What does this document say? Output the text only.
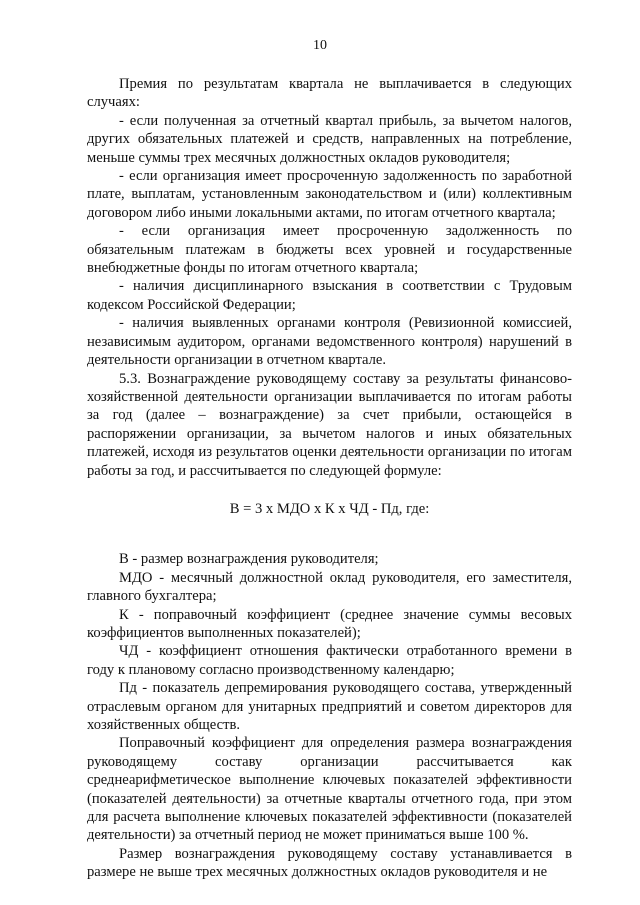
10

Премия по результатам квартала не выплачивается в следующих случаях:

- если полученная за отчетный квартал прибыль, за вычетом налогов, других обязательных платежей и средств, направленных на потребление, меньше суммы трех месячных должностных окладов руководителя;

- если организация имеет просроченную задолженность по заработной плате, выплатам, установленным законодательством и (или) коллективным договором либо иными локальными актами, по итогам отчетного квартала;

- если организация имеет просроченную задолженность по обязательным платежам в бюджеты всех уровней и государственные внебюджетные фонды по итогам отчетного квартала;

- наличия дисциплинарного взыскания в соответствии с Трудовым кодексом Российской Федерации;

- наличия выявленных органами контроля (Ревизионной комиссией, независимым аудитором, органами ведомственного контроля) нарушений в деятельности организации в отчетном квартале.

5.3. Вознаграждение руководящему составу за результаты финансово-хозяйственной деятельности организации выплачивается по итогам работы за год (далее – вознаграждение) за счет прибыли, остающейся в распоряжении организации, за вычетом налогов и иных обязательных платежей, исходя из результатов оценки деятельности организации по итогам работы за год, и рассчитывается по следующей формуле:

В = 3 х МДО х К х ЧД - Пд, где:

В - размер вознаграждения руководителя;

МДО - месячный должностной оклад руководителя, его заместителя, главного бухгалтера;

К - поправочный коэффициент (среднее значение суммы весовых коэффициентов выполненных показателей);

ЧД - коэффициент отношения фактически отработанного времени в году к плановому согласно производственному календарю;

Пд - показатель депремирования руководящего состава, утвержденный отраслевым органом для унитарных предприятий и советом директоров для хозяйственных обществ.

Поправочный коэффициент для определения размера вознаграждения руководящему составу организации рассчитывается как среднеарифметическое выполнение ключевых показателей эффективности (показателей деятельности) за отчетные кварталы отчетного года, при этом для расчета выполнение ключевых показателей эффективности (показателей деятельности) за отчетный период не может приниматься выше 100 %.

Размер вознаграждения руководящему составу устанавливается в размере не выше трех месячных должностных окладов руководителя и не
